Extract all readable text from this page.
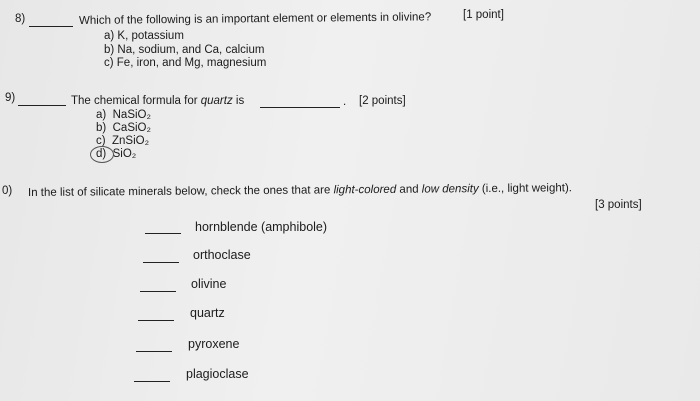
8)	Which of the following is an important element or elements in olivine?	[1 point]
a) K, potassium
b) Na, sodium, and Ca, calcium
c) Fe, iron, and Mg, magnesium
9)	The chemical formula for quartz is	. [2 points]
a) NaSiO₂
b) CaSiO₂
c) ZnSiO₂
d) SiO₂
0) In the list of silicate minerals below, check the ones that are light-colored and low density (i.e., light weight).
[3 points]
hornblende (amphibole)
orthoclase
olivine
quartz
pyroxene
plagioclase
